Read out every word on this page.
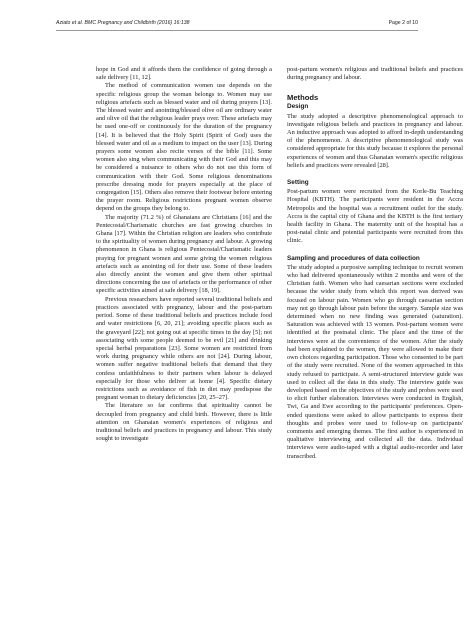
Aziato et al. BMC Pregnancy and Childbirth (2016) 16:138	Page 2 of 10

hope in God and it affords them the confidence of going through a safe delivery [11, 12].

The method of communication women use depends on the specific religious group the woman belongs to. Women may use religious artefacts such as blessed water and oil during prayers [13]. The blessed water and anointing/blessed olive oil are ordinary water and olive oil that the religious leader prays over. These artefacts may be used one-off or continuously for the duration of the pregnancy [14]. It is believed that the Holy Spirit (Spirit of God) uses the blessed water and oil as a medium to impact on the user [13]. During prayers some women also recite verses of the bible [11]. Some women also sing when communicating with their God and this may be considered a nuisance to others who do not use this form of communication with their God. Some religious denominations prescribe dressing mode for prayers especially at the place of congregation [15]. Others also remove their footwear before entering the prayer room. Religious restrictions pregnant women observe depend on the groups they belong to.

The majority (71.2 %) of Ghanaians are Christians [16] and the Pentecostal/Charismatic churches are fast growing churches in Ghana [17]. Within the Christian religion are leaders who contribute to the spirituality of women during pregnancy and labour. A growing phenomenon in Ghana is religious Pentecostal/Charismatic leaders praying for pregnant women and some giving the women religious artefacts such as anointing oil for their use. Some of these leaders also directly anoint the women and give them other spiritual directions concerning the use of artefacts or the performance of other specific activities aimed at safe delivery [18, 19].

Previous researchers have reported several traditional beliefs and practices associated with pregnancy, labour and the post-partum period. Some of these traditional beliefs and practices include food and water restrictions [6, 20, 21]; avoiding specific places such as the graveyard [22]; not going out at specific times in the day [5]; not associating with some people deemed to be evil [21] and drinking special herbal preparations [23]. Some women are restricted from work during pregnancy while others are not [24]. During labour, women suffer negative traditional beliefs that demand that they confess unfaithfulness to their partners when labour is delayed especially for those who deliver at home [4]. Specific dietary restrictions such as avoidance of fish in diet may predispose the pregnant woman to dietary deficiencies [20, 25–27].

The literature so far confirms that spirituality cannot be decoupled from pregnancy and child birth. However, there is little attention on Ghanaian women's experiences of religious and traditional beliefs and practices in pregnancy and labour. This study sought to investigate

post-partum women's religious and traditional beliefs and practices during pregnancy and labour.

Methods
Design

The study adopted a descriptive phenomenological approach to investigate religious beliefs and practices in pregnancy and labour. An inductive approach was adopted to afford in-depth understanding of the phenomenon. A descriptive phenomenological study was considered appropriate for this study because it explores the personal experiences of women and thus Ghanaian women's specific religious beliefs and practices were revealed [28].

Setting

Post-partum women were recruited from the Korle-Bu Teaching Hospital (KBTH). The participants were resident in the Accra Metropolis and the hospital was a recruitment outlet for the study. Accra is the capital city of Ghana and the KBTH is the first tertiary health facility in Ghana. The maternity unit of the hospital has a post-natal clinic and potential participants were recruited from this clinic.

Sampling and procedures of data collection

The study adopted a purposive sampling technique to recruit women who had delivered spontaneously within 2 months and were of the Christian faith. Women who had caesarian sections were excluded because the wider study from which this report was derived was focused on labour pain. Women who go through caesarian section may not go through labour pain before the surgery. Sample size was determined when no new finding was generated (saturation). Saturation was achieved with 13 women. Post-partum women were identified at the postnatal clinic. The place and the time of the interviews were at the convenience of the women. After the study had been explained to the women, they were allowed to make their own choices regarding participation. Those who consented to be part of the study were recruited. None of the women approached in this study refused to participate. A semi-structured interview guide was used to collect all the data in this study. The interview guide was developed based on the objectives of the study and probes were used to elicit further elaboration. Interviews were conducted in English, Twi, Ga and Ewe according to the participants' preferences. Open-ended questions were asked to allow participants to express their thoughts and probes were used to follow-up on participants' comments and emerging themes. The first author is experienced in qualitative interviewing and collected all the data. Individual interviews were audio-taped with a digital audio-recorder and later transcribed.
